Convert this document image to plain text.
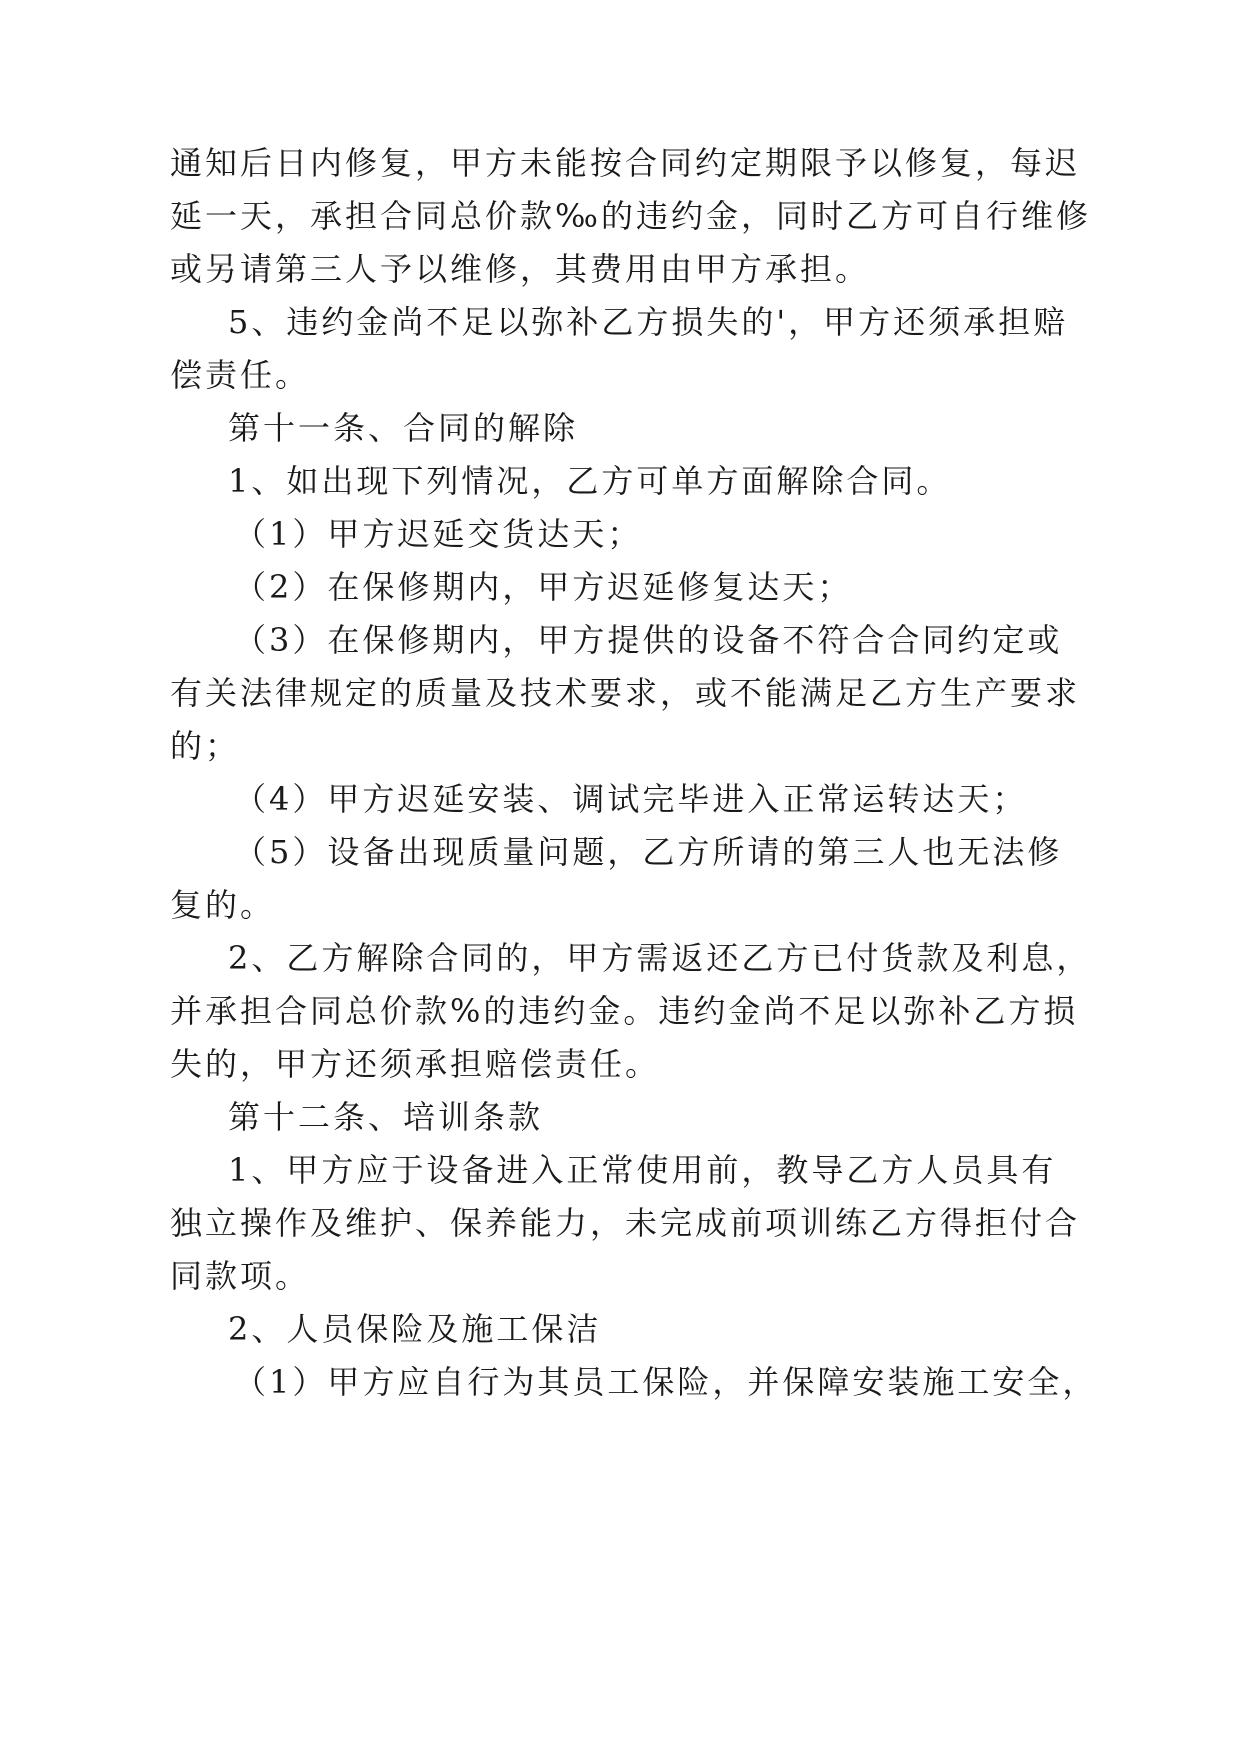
通知后日内修复，甲方未能按合同约定期限予以修复，每迟
延一天，承担合同总价款‰的违约金，同时乙方可自行维修
或另请第三人予以维修，其费用由甲方承担。
5、违约金尚不足以弥补乙方损失的'，甲方还须承担赔
偿责任。
第十一条、合同的解除
1、如出现下列情况，乙方可单方面解除合同。
（1）甲方迟延交货达天；
（2）在保修期内，甲方迟延修复达天；
（3）在保修期内，甲方提供的设备不符合合同约定或
有关法律规定的质量及技术要求，或不能满足乙方生产要求
的；
（4）甲方迟延安装、调试完毕进入正常运转达天；
（5）设备出现质量问题，乙方所请的第三人也无法修
复的。
2、乙方解除合同的，甲方需返还乙方已付货款及利息，
并承担合同总价款%的违约金。违约金尚不足以弥补乙方损
失的，甲方还须承担赔偿责任。
第十二条、培训条款
1、甲方应于设备进入正常使用前，教导乙方人员具有
独立操作及维护、保养能力，未完成前项训练乙方得拒付合
同款项。
2、人员保险及施工保洁
（1）甲方应自行为其员工保险，并保障安装施工安全，
